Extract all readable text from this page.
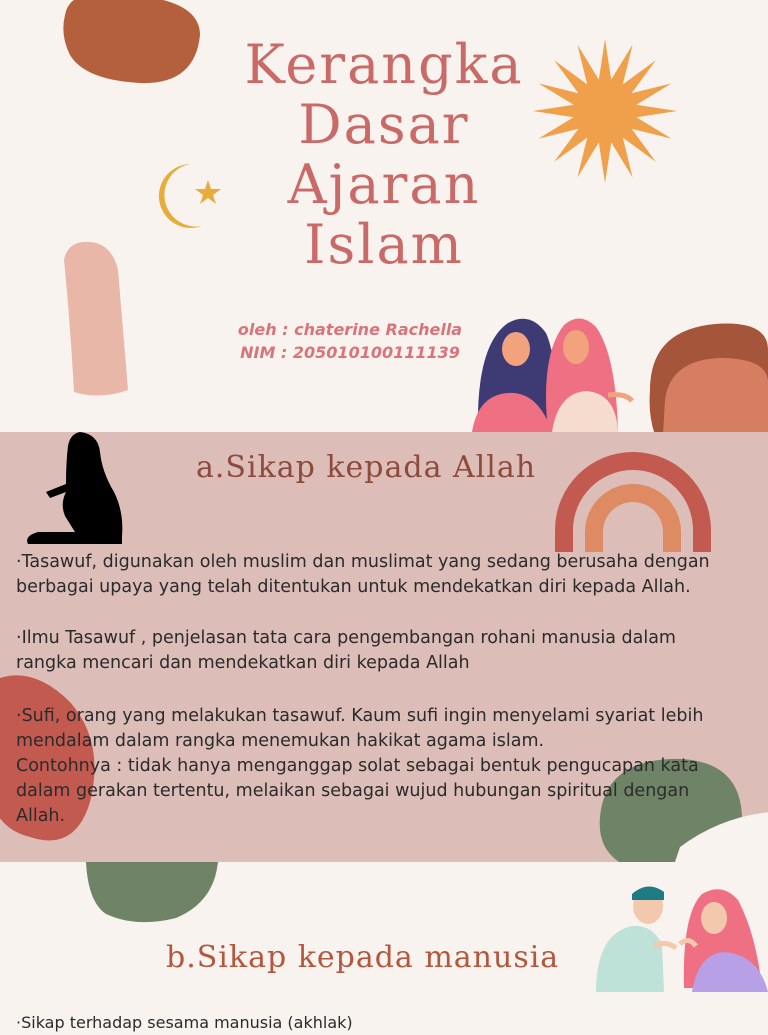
Kerangka
Dasar
Ajaran
Islam
oleh : chaterine Rachella
NIM : 205010100111139
a.Sikap kepada Allah

·Tasawuf, digunakan oleh muslim dan muslimat yang sedang berusaha dengan
berbagai upaya yang telah ditentukan untuk mendekatkan diri kepada Allah.

·Ilmu Tasawuf , penjelasan tata cara pengembangan rohani manusia dalam
rangka mencari dan mendekatkan diri kepada Allah

·Sufi, orang yang melakukan tasawuf. Kaum sufi ingin menyelami syariat lebih
mendalam dalam rangka menemukan hakikat agama islam.
Contohnya : tidak hanya menganggap solat sebagai bentuk pengucapan kata
dalam gerakan tertentu, melaikan sebagai wujud hubungan spiritual dengan
Allah.

b.Sikap kepada manusia

·Sikap terhadap sesama manusia (akhlak)
